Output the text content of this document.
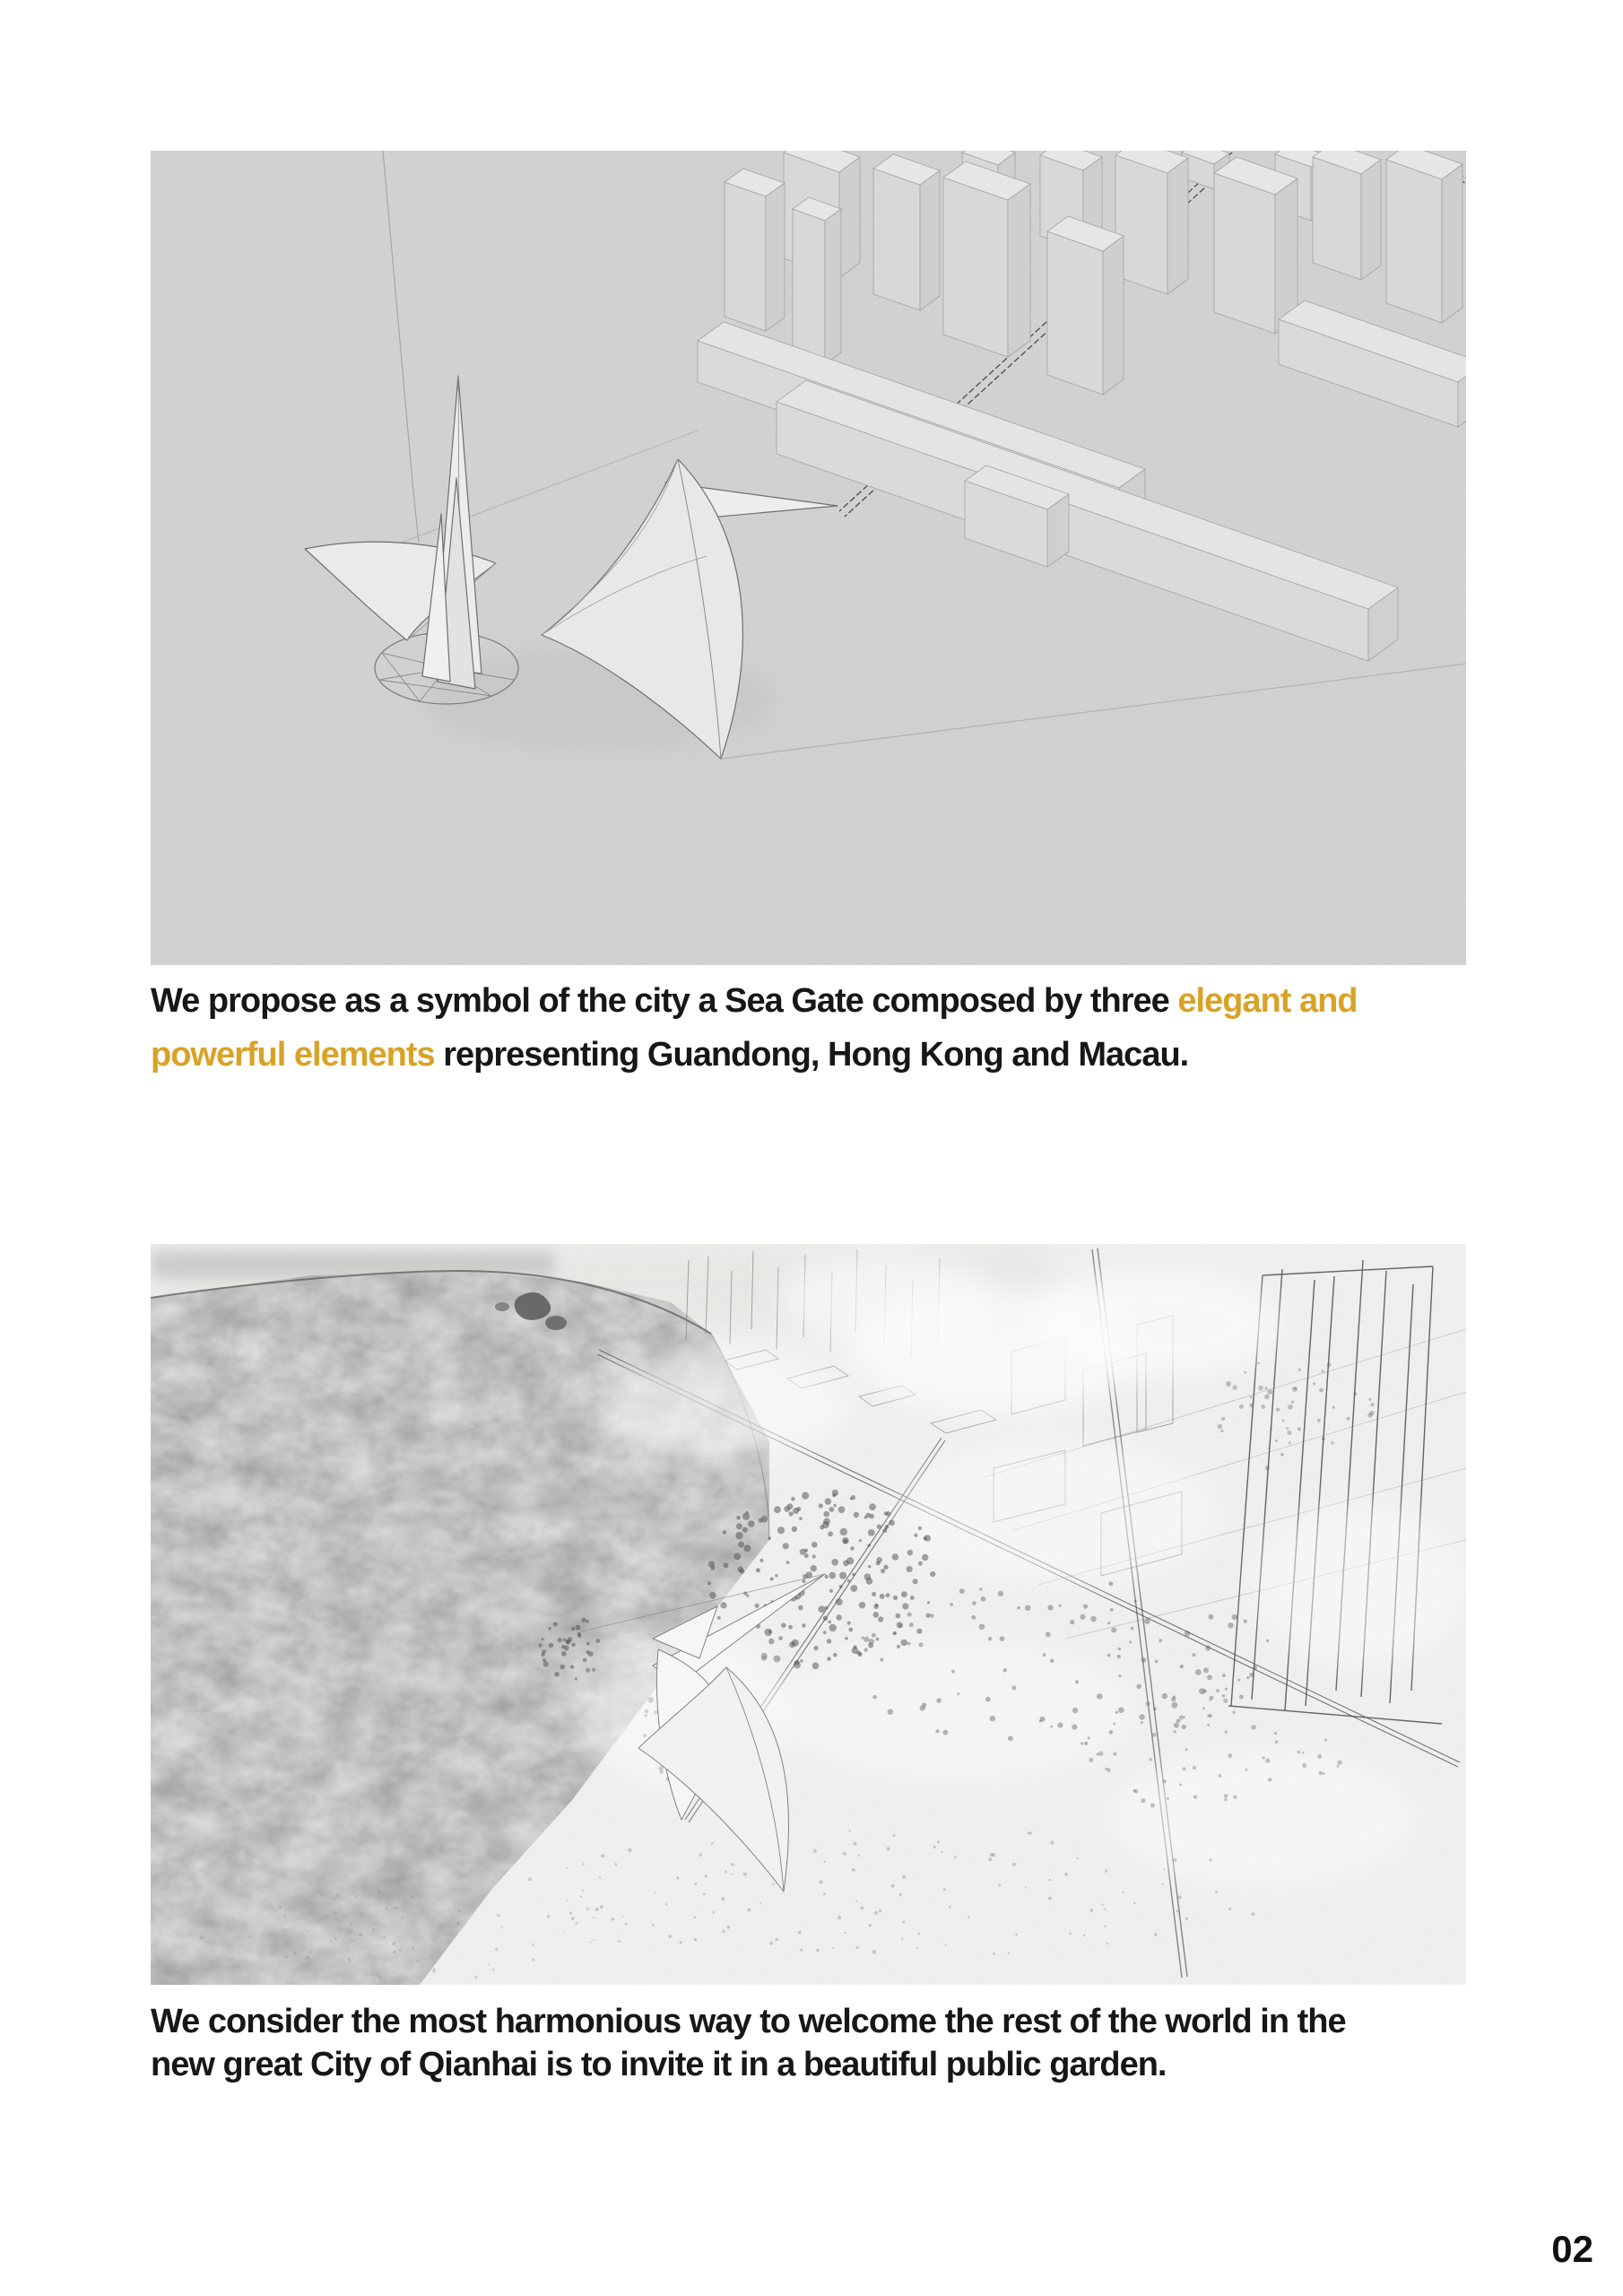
We propose as a symbol of the city a Sea Gate composed by three elegant and
powerful elements representing Guandong, Hong Kong and Macau.
We consider the most harmonious way to welcome the rest of the world in the
new great City of Qianhai is to invite it in a beautiful public garden.
02
